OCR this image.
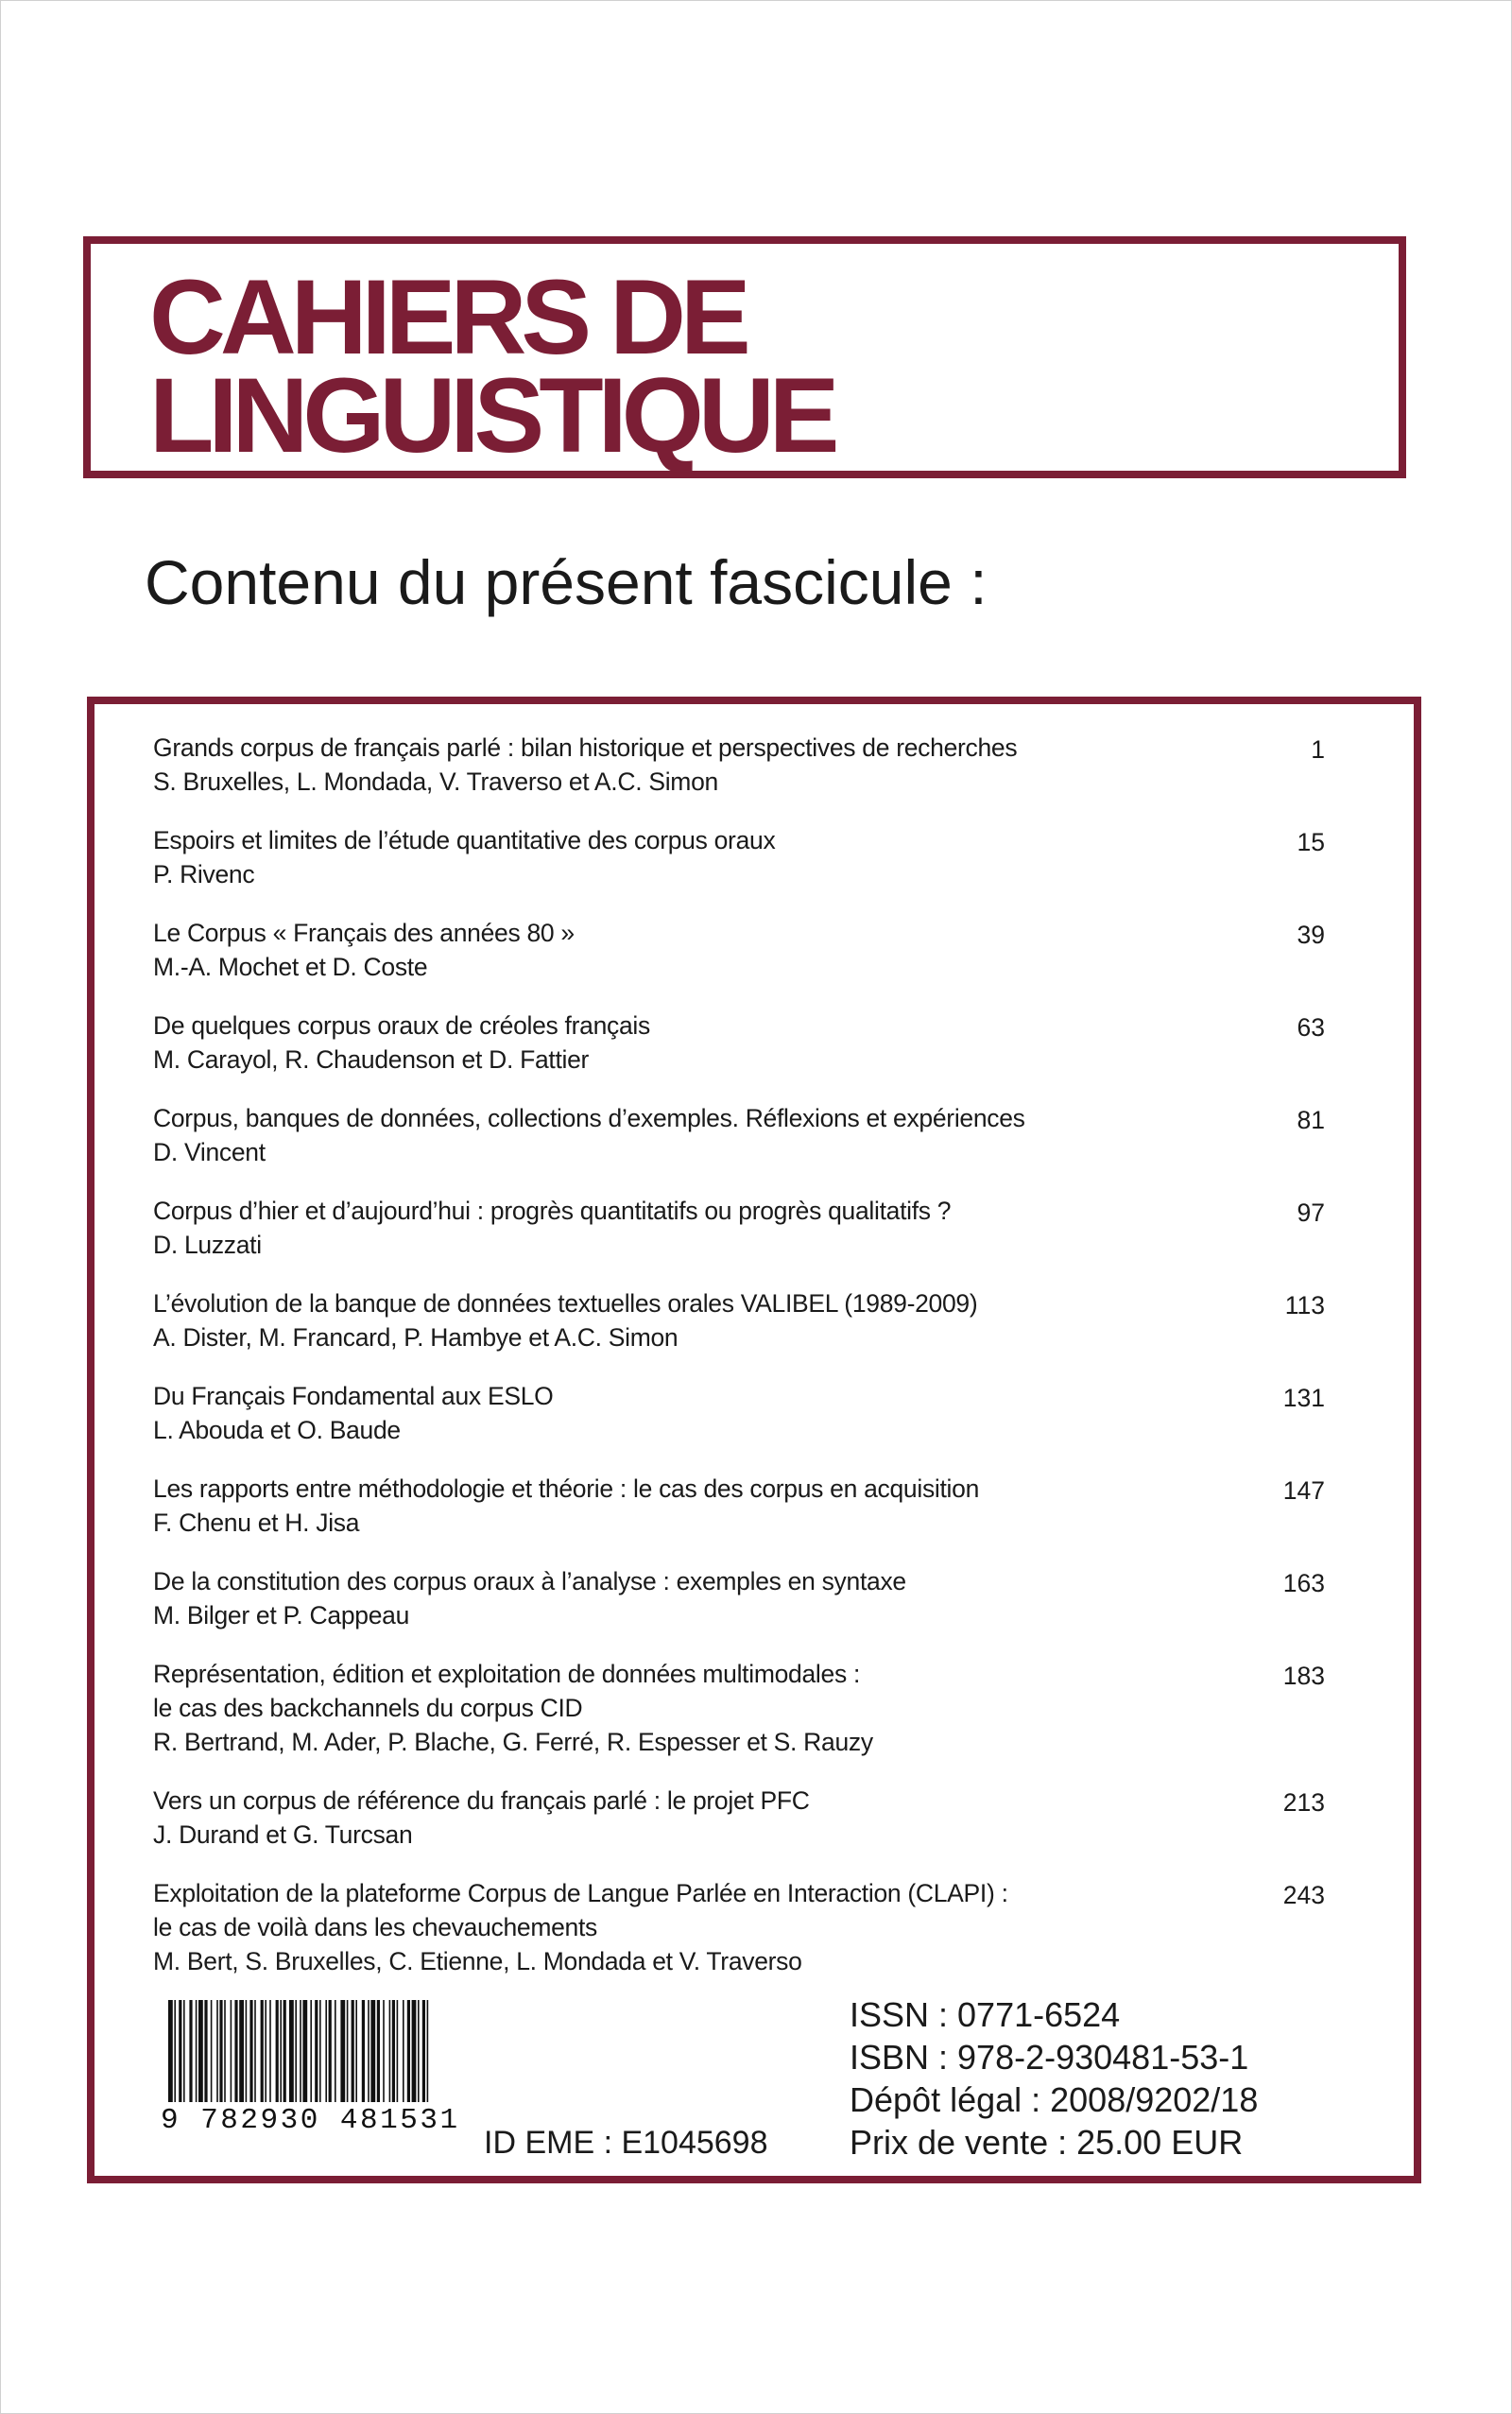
CAHIERS DE
LINGUISTIQUE
Contenu du présent fascicule :
Grands corpus de français parlé : bilan historique et perspectives de recherches
S. Bruxelles, L. Mondada, V. Traverso et A.C. Simon
1
Espoirs et limites de l’étude quantitative des corpus oraux
P. Rivenc
15
Le Corpus « Français des années 80 »
M.-A. Mochet et D. Coste
39
De quelques corpus oraux de créoles français
M. Carayol, R. Chaudenson et D. Fattier
63
Corpus, banques de données, collections d’exemples. Réflexions et expériences
D. Vincent
81
Corpus d’hier et d’aujourd’hui : progrès quantitatifs ou progrès qualitatifs ?
D. Luzzati
97
L’évolution de la banque de données textuelles orales VALIBEL (1989-2009)
A. Dister, M. Francard, P. Hambye et A.C. Simon
113
Du Français Fondamental aux ESLO
L. Abouda et O. Baude
131
Les rapports entre méthodologie et théorie : le cas des corpus en acquisition
F. Chenu et H. Jisa
147
De la constitution des corpus oraux à l’analyse : exemples en syntaxe
M. Bilger et P. Cappeau
163
Représentation, édition et exploitation de données multimodales :
le cas des backchannels du corpus CID
R. Bertrand, M. Ader, P. Blache, G. Ferré, R. Espesser et S. Rauzy
183
Vers un corpus de référence du français parlé : le projet PFC
J. Durand et G. Turcsan
213
Exploitation de la plateforme Corpus de Langue Parlée en Interaction (CLAPI) :
le cas de voilà dans les chevauchements
M. Bert, S. Bruxelles, C. Etienne, L. Mondada et V. Traverso
243
9 782930 481531
ID EME : E1045698
ISSN : 0771-6524
ISBN : 978-2-930481-53-1
Dépôt légal : 2008/9202/18
Prix de vente : 25.00 EUR
